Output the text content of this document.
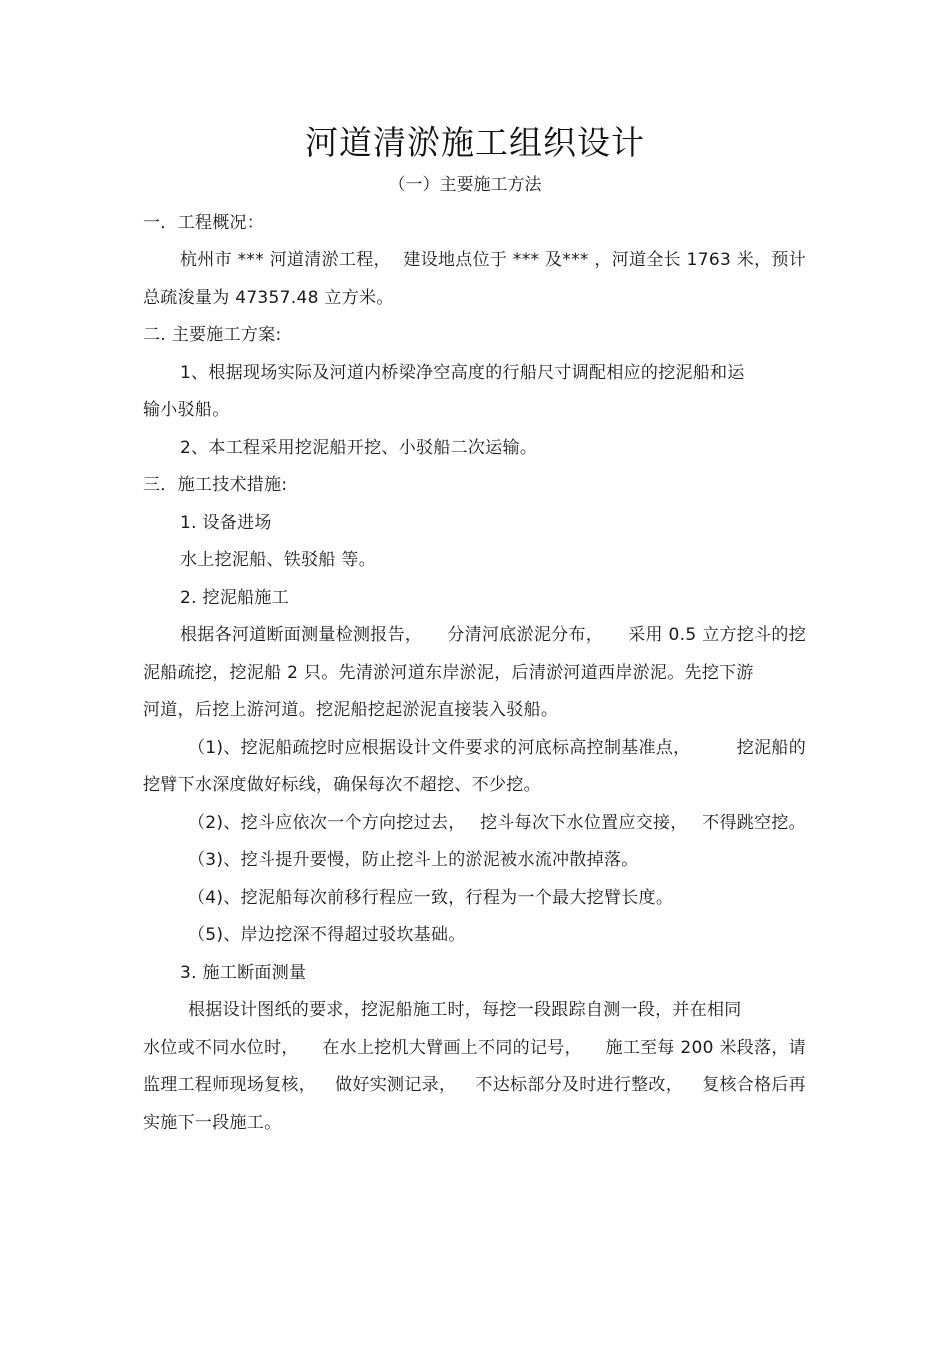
河道清淤施工组织设计
（一）主要施工方法
一．工程概况：
杭州市 *** 河道清淤工程， 建设地点位于 *** 及*** ，河道全长 1763 米，预计
总疏浚量为 47357.48 立方米。
二. 主要施工方案:
1、根据现场实际及河道内桥梁净空高度的行船尺寸调配相应的挖泥船和运
输小驳船。
2、本工程采用挖泥船开挖、小驳船二次运输。
三．施工技术措施:
1. 设备进场
水上挖泥船、铁驳船 等。
2. 挖泥船施工
根据各河道断面测量检测报告， 分清河底淤泥分布， 采用 0.5 立方挖斗的挖
泥船疏挖，挖泥船 2 只。先清淤河道东岸淤泥，后清淤河道西岸淤泥。先挖下游
河道，后挖上游河道。挖泥船挖起淤泥直接装入驳船。
（1)、挖泥船疏挖时应根据设计文件要求的河底标高控制基准点，	挖泥船的
挖臂下水深度做好标线，确保每次不超挖、不少挖。
（2)、挖斗应依次一个方向挖过去， 挖斗每次下水位置应交接， 不得跳空挖。
（3)、挖斗提升要慢，防止挖斗上的淤泥被水流冲散掉落。
（4)、挖泥船每次前移行程应一致，行程为一个最大挖臂长度。
（5)、岸边挖深不得超过驳坎基础。
3. 施工断面测量
根据设计图纸的要求，挖泥船施工时，每挖一段跟踪自测一段，并在相同
水位或不同水位时， 在水上挖机大臂画上不同的记号， 施工至每 200 米段落，请
监理工程师现场复核， 做好实测记录， 不达标部分及时进行整改， 复核合格后再
实施下一段施工。
